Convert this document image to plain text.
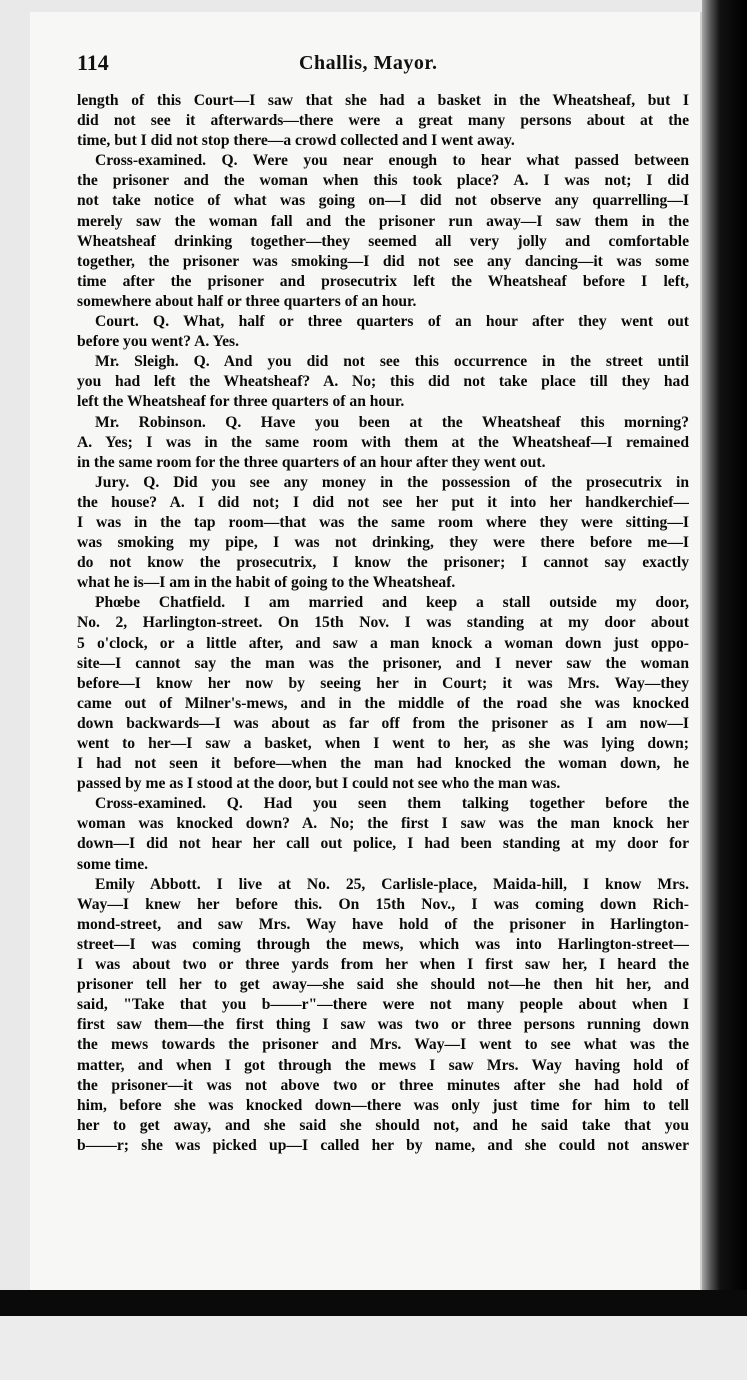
114	Challis, Mayor.
length of this Court—I saw that she had a basket in the Wheatsheaf, but I
did not see it afterwards—there were a great many persons about at the
time, but I did not stop there—a crowd collected and I went away.
Cross-examined. Q. Were you near enough to hear what passed between
the prisoner and the woman when this took place? A. I was not; I did
not take notice of what was going on—I did not observe any quarrelling—I
merely saw the woman fall and the prisoner run away—I saw them in the
Wheatsheaf drinking together—they seemed all very jolly and comfortable
together, the prisoner was smoking—I did not see any dancing—it was some
time after the prisoner and prosecutrix left the Wheatsheaf before I left,
somewhere about half or three quarters of an hour.
Court. Q. What, half or three quarters of an hour after they went out
before you went? A. Yes.
Mr. Sleigh. Q. And you did not see this occurrence in the street until
you had left the Wheatsheaf? A. No; this did not take place till they had
left the Wheatsheaf for three quarters of an hour.
Mr. Robinson. Q. Have you been at the Wheatsheaf this morning?
A. Yes; I was in the same room with them at the Wheatsheaf—I remained
in the same room for the three quarters of an hour after they went out.
Jury. Q. Did you see any money in the possession of the prosecutrix in
the house? A. I did not; I did not see her put it into her handkerchief—
I was in the tap room—that was the same room where they were sitting—I
was smoking my pipe, I was not drinking, they were there before me—I
do not know the prosecutrix, I know the prisoner; I cannot say exactly
what he is—I am in the habit of going to the Wheatsheaf.
Phœbe Chatfield. I am married and keep a stall outside my door,
No. 2, Harlington-street. On 15th Nov. I was standing at my door about
5 o'clock, or a little after, and saw a man knock a woman down just oppo-
site—I cannot say the man was the prisoner, and I never saw the woman
before—I know her now by seeing her in Court; it was Mrs. Way—they
came out of Milner's-mews, and in the middle of the road she was knocked
down backwards—I was about as far off from the prisoner as I am now—I
went to her—I saw a basket, when I went to her, as she was lying down;
I had not seen it before—when the man had knocked the woman down, he
passed by me as I stood at the door, but I could not see who the man was.
Cross-examined. Q. Had you seen them talking together before the
woman was knocked down? A. No; the first I saw was the man knock her
down—I did not hear her call out police, I had been standing at my door for
some time.
Emily Abbott. I live at No. 25, Carlisle-place, Maida-hill, I know Mrs.
Way—I knew her before this. On 15th Nov., I was coming down Rich-
mond-street, and saw Mrs. Way have hold of the prisoner in Harlington-
street—I was coming through the mews, which was into Harlington-street—
I was about two or three yards from her when I first saw her, I heard the
prisoner tell her to get away—she said she should not—he then hit her, and
said, "Take that you b——r"—there were not many people about when I
first saw them—the first thing I saw was two or three persons running down
the mews towards the prisoner and Mrs. Way—I went to see what was the
matter, and when I got through the mews I saw Mrs. Way having hold of
the prisoner—it was not above two or three minutes after she had hold of
him, before she was knocked down—there was only just time for him to tell
her to get away, and she said she should not, and he said take that you
b——r; she was picked up—I called her by name, and she could not answer
